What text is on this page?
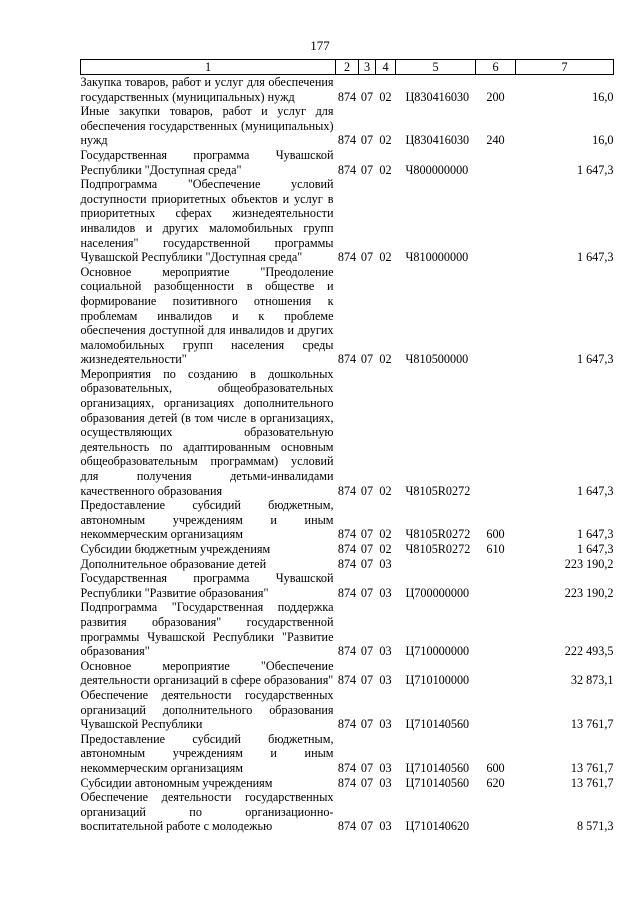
177
1	2	3	4	5	6	7
Закупка товаров, работ и услуг для обеспечения государственных (муниципальных) нужд	874	07	02	Ц830416030	200	16,0
Иные закупки товаров, работ и услуг для обеспечения государственных (муниципальных) нужд	874	07	02	Ц830416030	240	16,0
Государственная программа Чувашской Республики "Доступная среда"	874	07	02	Ч800000000		1 647,3
Подпрограмма "Обеспечение условий доступности приоритетных объектов и услуг в приоритетных сферах жизнедеятельности инвалидов и других маломобильных групп населения" государственной программы Чувашской Республики "Доступная среда"	874	07	02	Ч810000000		1 647,3
Основное мероприятие "Преодоление социальной разобщенности в обществе и формирование позитивного отношения к проблемам инвалидов и к проблеме обеспечения доступной для инвалидов и других маломобильных групп населения среды жизнедеятельности"	874	07	02	Ч810500000		1 647,3
Мероприятия по созданию в дошкольных образовательных, общеобразовательных организациях, организациях дополнительного образования детей (в том числе в организациях, осуществляющих образовательную деятельность по адаптированным основным общеобразовательным программам) условий для получения детьми-инвалидами качественного образования	874	07	02	Ч8105R0272		1 647,3
Предоставление субсидий бюджетным, автономным учреждениям и иным некоммерческим организациям	874	07	02	Ч8105R0272	600	1 647,3
Субсидии бюджетным учреждениям	874	07	02	Ч8105R0272	610	1 647,3
Дополнительное образование детей	874	07	03			223 190,2
Государственная программа Чувашской Республики "Развитие образования"	874	07	03	Ц700000000		223 190,2
Подпрограмма "Государственная поддержка развития образования" государственной программы Чувашской Республики "Развитие образования"	874	07	03	Ц710000000		222 493,5
Основное мероприятие "Обеспечение деятельности организаций в сфере образования"	874	07	03	Ц710100000		32 873,1
Обеспечение деятельности государственных организаций дополнительного образования Чувашской Республики	874	07	03	Ц710140560		13 761,7
Предоставление субсидий бюджетным, автономным учреждениям и иным некоммерческим организациям	874	07	03	Ц710140560	600	13 761,7
Субсидии автономным учреждениям	874	07	03	Ц710140560	620	13 761,7
Обеспечение деятельности государственных организаций по организационно-воспитательной работе с молодежью	874	07	03	Ц710140620		8 571,3
